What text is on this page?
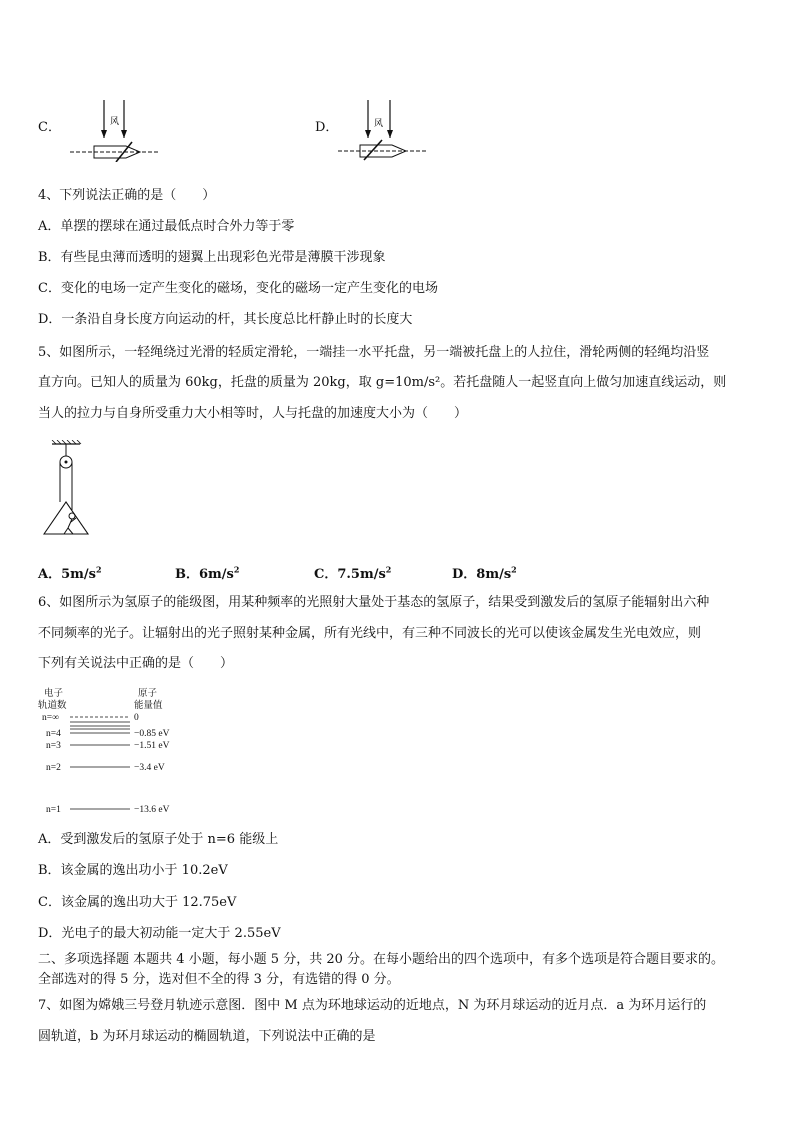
C．	风	D．	风
4、下列说法正确的是（　　）
A．单摆的摆球在通过最低点时合外力等于零
B．有些昆虫薄而透明的翅翼上出现彩色光带是薄膜干涉现象
C．变化的电场一定产生变化的磁场，变化的磁场一定产生变化的电场
D．一条沿自身长度方向运动的杆，其长度总比杆静止时的长度大
5、如图所示，一轻绳绕过光滑的轻质定滑轮，一端挂一水平托盘，另一端被托盘上的人拉住，滑轮两侧的轻绳均沿竖
直方向。已知人的质量为 60kg，托盘的质量为 20kg，取 g=10m/s²。若托盘随人一起竖直向上做匀加速直线运动，则
当人的拉力与自身所受重力大小相等时，人与托盘的加速度大小为（　　）
A．$5m/s^2$	B．$6m/s^2$	C．$7.5m/s^2$	D．$8m/s^2$
6、如图所示为氢原子的能级图，用某种频率的光照射大量处于基态的氢原子，结果受到激发后的氢原子能辐射出六种
不同频率的光子。让辐射出的光子照射某种金属，所有光线中，有三种不同波长的光可以使该金属发生光电效应，则
下列有关说法中正确的是（　　）
电子
轨道数
原子
能量值
n=∞	0
n=4	−0.85 eV
n=3	−1.51 eV
n=2	−3.4 eV
n=1	−13.6 eV
A．受到激发后的氢原子处于 n=6 能级上
B．该金属的逸出功小于 10.2eV
C．该金属的逸出功大于 12.75eV
D．光电子的最大初动能一定大于 2.55eV
二、多项选择题 本题共 4 小题，每小题 5 分，共 20 分。在每小题给出的四个选项中，有多个选项是符合题目要求的。
全部选对的得 5 分，选对但不全的得 3 分，有选错的得 0 分。
7、如图为嫦娥三号登月轨迹示意图．图中 M 点为环地球运动的近地点，N 为环月球运动的近月点．a 为环月运行的
圆轨道，b 为环月球运动的椭圆轨道，下列说法中正确的是
